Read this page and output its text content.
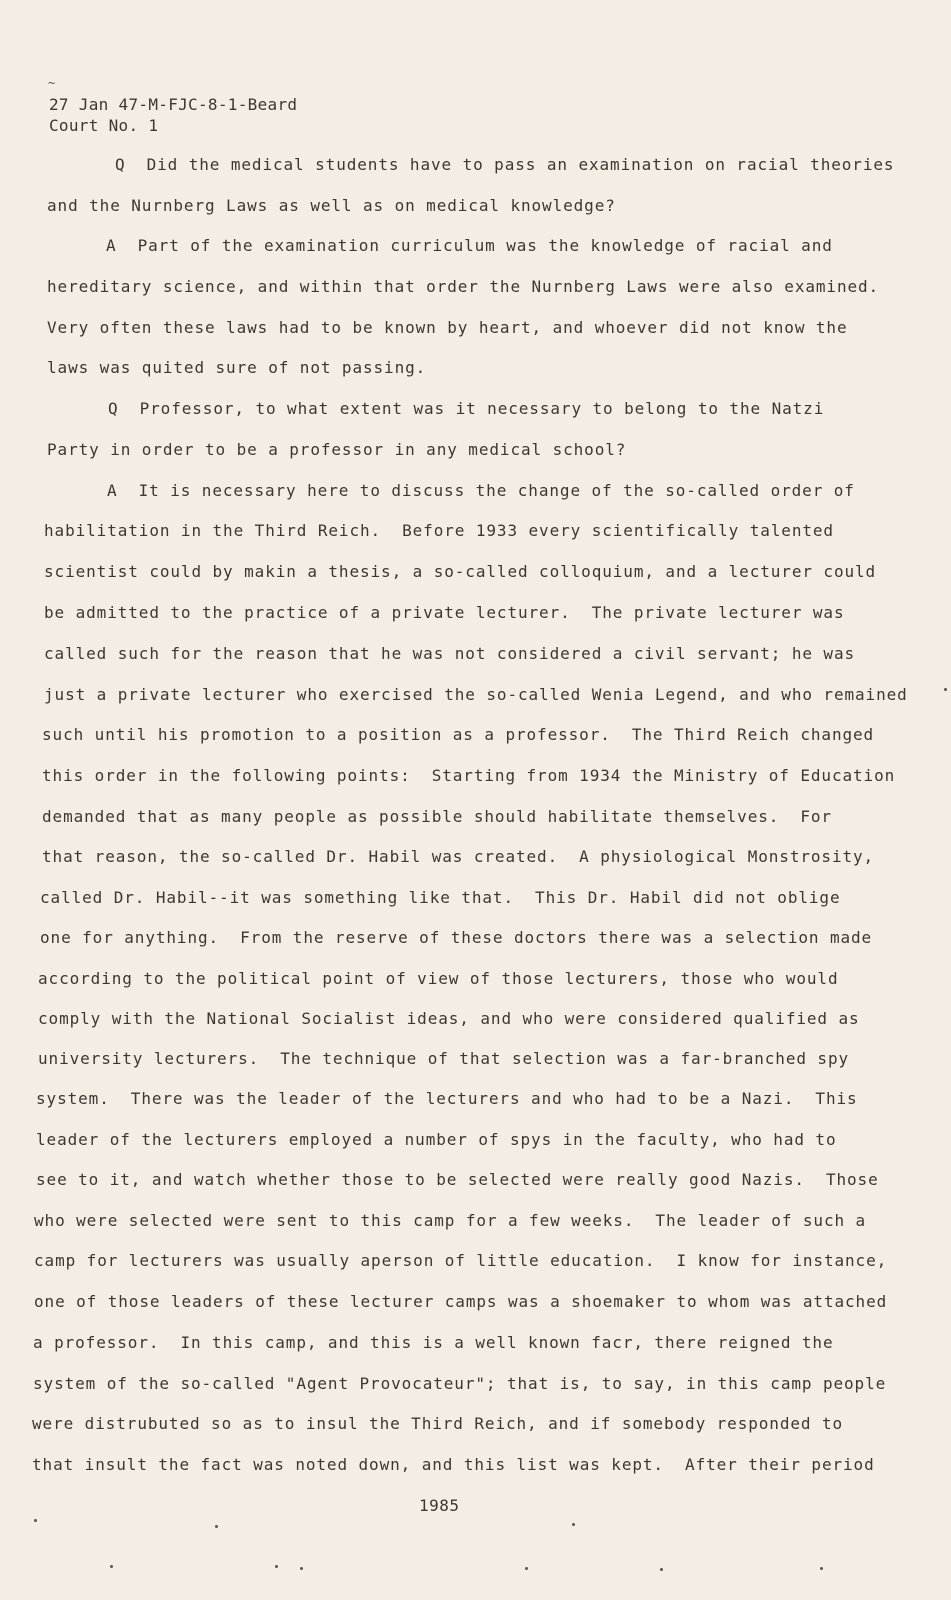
~
27 Jan 47-M-FJC-8-1-Beard
Court No. 1
Q  Did the medical students have to pass an examination on racial theories
and the Nurnberg Laws as well as on medical knowledge?
A  Part of the examination curriculum was the knowledge of racial and
hereditary science, and within that order the Nurnberg Laws were also examined.
Very often these laws had to be known by heart, and whoever did not know the
laws was quited sure of not passing.
Q  Professor, to what extent was it necessary to belong to the Natzi
Party in order to be a professor in any medical school?
A  It is necessary here to discuss the change of the so-called order of
habilitation in the Third Reich.  Before 1933 every scientifically talented
scientist could by makin a thesis, a so-called colloquium, and a lecturer could
be admitted to the practice of a private lecturer.  The private lecturer was
called such for the reason that he was not considered a civil servant; he was
just a private lecturer who exercised the so-called Wenia Legend, and who remained
such until his promotion to a position as a professor.  The Third Reich changed
this order in the following points:  Starting from 1934 the Ministry of Education
demanded that as many people as possible should habilitate themselves.  For
that reason, the so-called Dr. Habil was created.  A physiological Monstrosity,
called Dr. Habil--it was something like that.  This Dr. Habil did not oblige
one for anything.  From the reserve of these doctors there was a selection made
according to the political point of view of those lecturers, those who would
comply with the National Socialist ideas, and who were considered qualified as
university lecturers.  The technique of that selection was a far-branched spy
system.  There was the leader of the lecturers and who had to be a Nazi.  This
leader of the lecturers employed a number of spys in the faculty, who had to
see to it, and watch whether those to be selected were really good Nazis.  Those
who were selected were sent to this camp for a few weeks.  The leader of such a
camp for lecturers was usually aperson of little education.  I know for instance,
one of those leaders of these lecturer camps was a shoemaker to whom was attached
a professor.  In this camp, and this is a well known facr, there reigned the
system of the so-called "Agent Provocateur"; that is, to say, in this camp people
were distrubuted so as to insul the Third Reich, and if somebody responded to
that insult the fact was noted down, and this list was kept.  After their period
1985
